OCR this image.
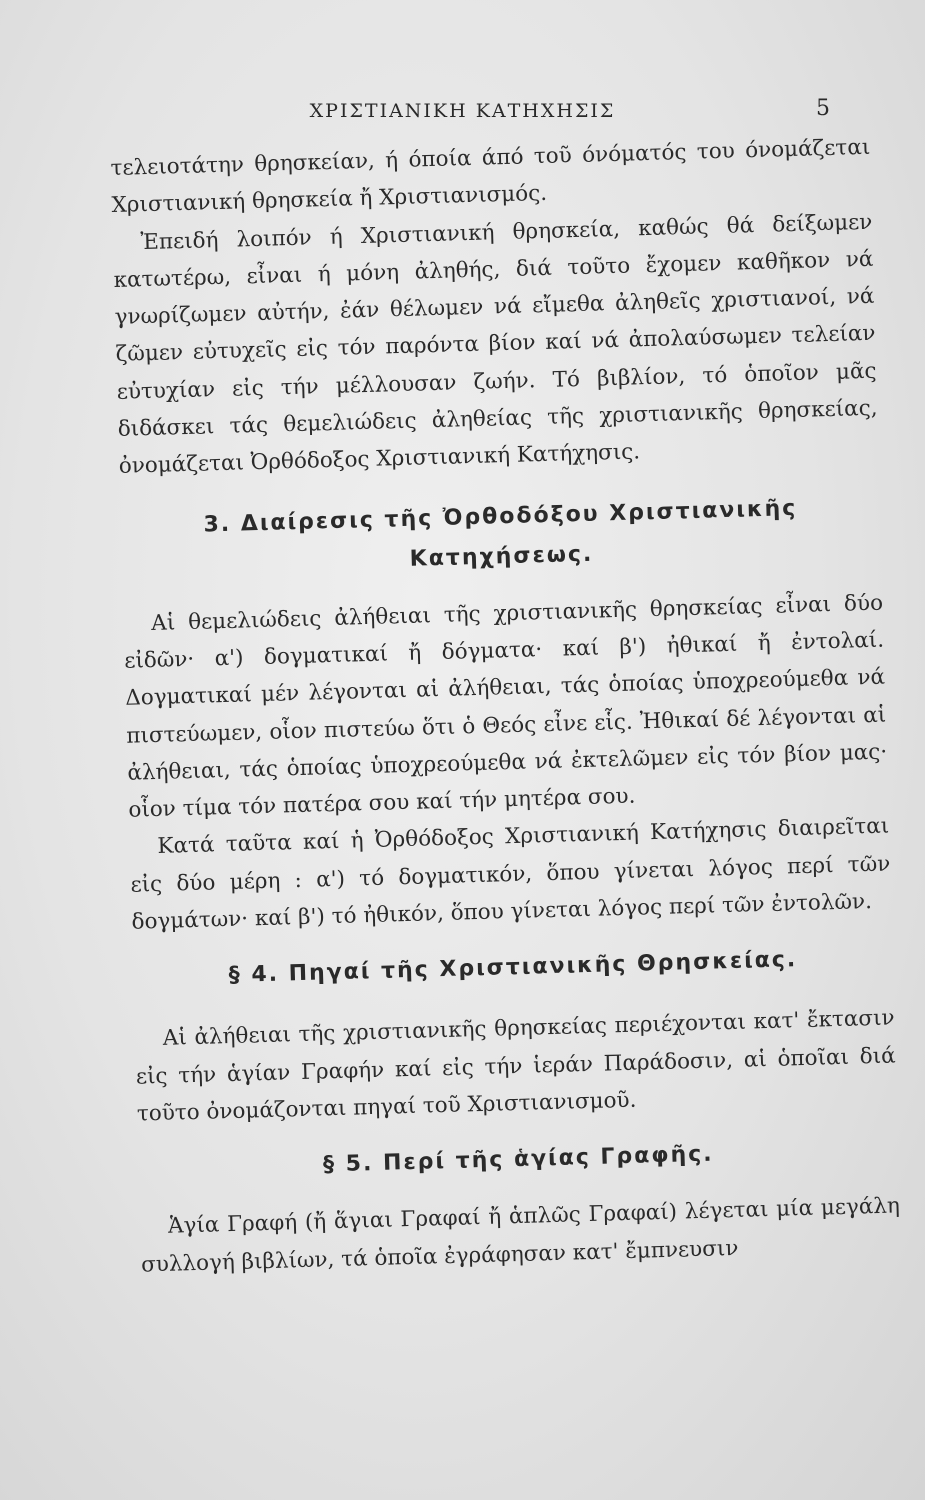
ΧΡΙΣΤΙΑΝΙΚΗ ΚΑΤΗΧΗΣΙΣ	5

τελειοτάτην θρησκείαν, ή όποία άπό τοῦ όνόματός του όνομάζεται Χριστιανική θρησκεία ἤ Χριστιανισμός.

Ἐπειδή λοιπόν ή Χριστιανική θρησκεία, καθώς θά δείξωμεν κατωτέρω, εἶναι ή μόνη ἀληθής, διά τοῦτο ἔχομεν καθῆκον νά γνωρίζωμεν αὐτήν, ἐάν θέλωμεν νά εἴμεθα ἀληθεῖς χριστιανοί, νά ζῶμεν εὐτυχεῖς εἰς τόν παρόντα βίον καί νά ἀπολαύσωμεν τελείαν εὐτυχίαν εἰς τήν μέλλουσαν ζωήν. Τό βιβλίον, τό ὁποῖον μᾶς διδάσκει τάς θεμελιώδεις ἀληθείας τῆς χριστιανικῆς θρησκείας, ὀνομάζεται Ὀρθόδοξος Χριστιανική Κατήχησις.

3. Διαίρεσις τῆς Ὀρθοδόξου Χριστιανικῆς

Κατηχήσεως.

Αἱ θεμελιώδεις ἀλήθειαι τῆς χριστιανικῆς θρησκείας εἶναι δύο εἰδῶν· α') δογματικαί ἤ δόγματα· καί β') ἠθικαί ἤ ἐντολαί. Δογματικαί μέν λέγονται αἱ ἀλήθειαι, τάς ὁποίας ὑποχρεούμεθα νά πιστεύωμεν, οἷον πιστεύω ὅτι ὁ Θεός εἶνε εἷς. Ἠθικαί δέ λέγονται αἱ ἀλήθειαι, τάς ὁποίας ὑποχρεούμεθα νά ἐκτελῶμεν εἰς τόν βίον μας· οἷον τίμα τόν πατέρα σου καί τήν μητέρα σου.

Κατά ταῦτα καί ἡ Ὀρθόδοξος Χριστιανική Κατήχησις διαιρεῖται εἰς δύο μέρη : α') τό δογματικόν, ὅπου γίνεται λόγος περί τῶν δογμάτων· καί β') τό ἠθικόν, ὅπου γίνεται λόγος περί τῶν ἐντολῶν.

§ 4. Πηγαί τῆς Χριστιανικῆς Θρησκείας.

Αἱ ἀλήθειαι τῆς χριστιανικῆς θρησκείας περιέχονται κατ' ἔκτασιν εἰς τήν ἁγίαν Γραφήν καί εἰς τήν ἱεράν Παράδοσιν, αἱ ὁποῖαι διά τοῦτο ὀνομάζονται πηγαί τοῦ Χριστιανισμοῦ.

§ 5. Περί τῆς ἁγίας Γραφῆς.

Ἁγία Γραφή (ἤ ἅγιαι Γραφαί ἤ ἁπλῶς Γραφαί) λέγεται μία μεγάλη συλλογή βιβλίων, τά ὁποῖα ἐγράφησαν κατ' ἔμπνευσιν
